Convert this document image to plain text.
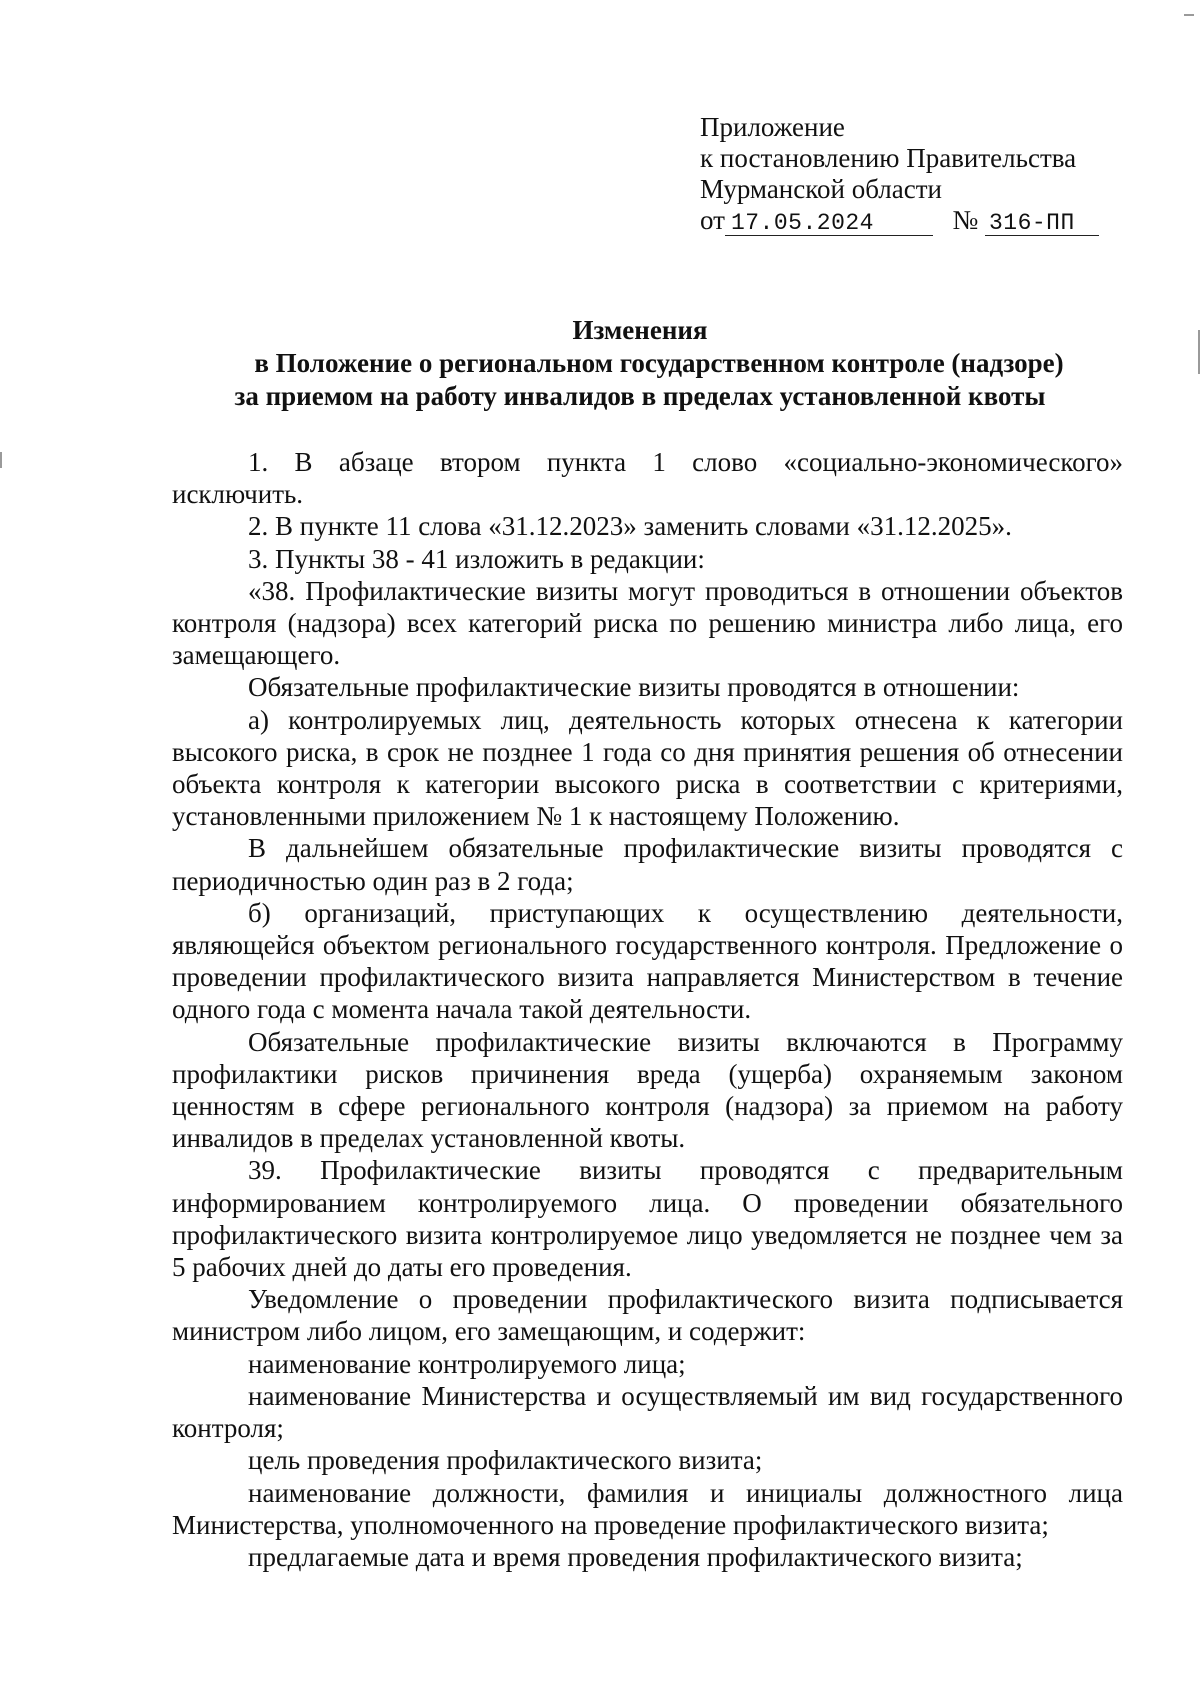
Приложение
к постановлению Правительства
Мурманской области
от 17.05.2024	№ 316-ПП
Изменения
в Положение о региональном государственном контроле (надзоре)
за приемом на работу инвалидов в пределах установленной квоты

1. В абзаце втором пункта 1 слово «социально-экономического» исключить.

2. В пункте 11 слова «31.12.2023» заменить словами «31.12.2025».

3. Пункты 38 - 41 изложить в редакции:

«38. Профилактические визиты могут проводиться в отношении объектов контроля (надзора) всех категорий риска по решению министра либо лица, его замещающего.

Обязательные профилактические визиты проводятся в отношении:

а) контролируемых лиц, деятельность которых отнесена к категории высокого риска, в срок не позднее 1 года со дня принятия решения об отнесении объекта контроля к категории высокого риска в соответствии с критериями, установленными приложением № 1 к настоящему Положению.

В дальнейшем обязательные профилактические визиты проводятся с периодичностью один раз в 2 года;

б) организаций, приступающих к осуществлению деятельности, являющейся объектом регионального государственного контроля. Предложение о проведении профилактического визита направляется Министерством в течение одного года с момента начала такой деятельности.

Обязательные профилактические визиты включаются в Программу профилактики рисков причинения вреда (ущерба) охраняемым законом ценностям в сфере регионального контроля (надзора) за приемом на работу инвалидов в пределах установленной квоты.

39. Профилактические визиты проводятся с предварительным информированием контролируемого лица. О проведении обязательного профилактического визита контролируемое лицо уведомляется не позднее чем за 5 рабочих дней до даты его проведения.

Уведомление о проведении профилактического визита подписывается министром либо лицом, его замещающим, и содержит:

наименование контролируемого лица;

наименование Министерства и осуществляемый им вид государственного контроля;

цель проведения профилактического визита;

наименование должности, фамилия и инициалы должностного лица Министерства, уполномоченного на проведение профилактического визита;

предлагаемые дата и время проведения профилактического визита;
